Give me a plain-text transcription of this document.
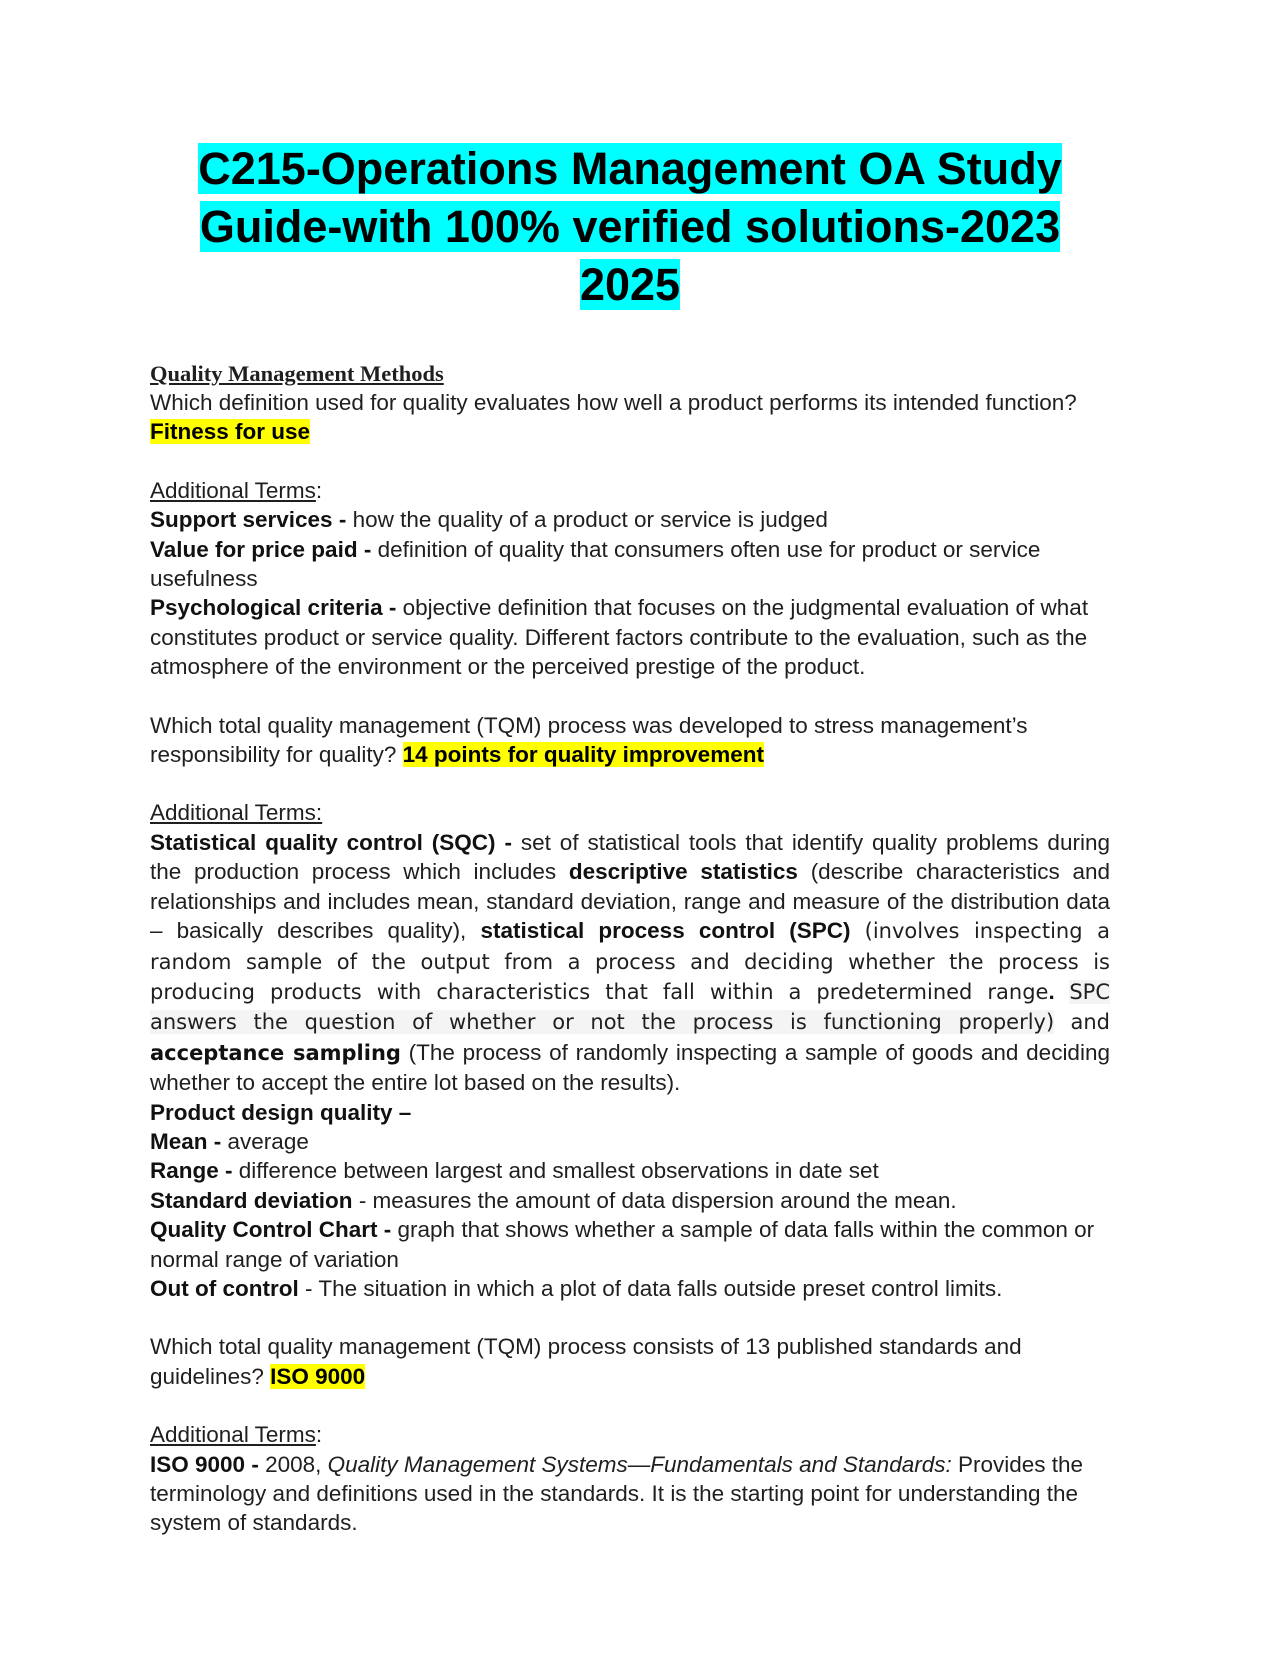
C215-Operations Management OA Study
Guide-with 100% verified solutions-2023
2025

Quality Management Methods

Which definition used for quality evaluates how well a product performs its intended function? Fitness for use

Additional Terms:

Support services - how the quality of a product or service is judged

Value for price paid - definition of quality that consumers often use for product or service usefulness

Psychological criteria - objective definition that focuses on the judgmental evaluation of what constitutes product or service quality. Different factors contribute to the evaluation, such as the atmosphere of the environment or the perceived prestige of the product.

Which total quality management (TQM) process was developed to stress management’s responsibility for quality? 14 points for quality improvement

Additional Terms:

Statistical quality control (SQC) - set of statistical tools that identify quality problems during the production process which includes descriptive statistics (describe characteristics and relationships and includes mean, standard deviation, range and measure of the distribution data – basically describes quality), statistical process control (SPC) (involves inspecting a random sample of the output from a process and deciding whether the process is producing products with characteristics that fall within a predetermined range. SPC answers the question of whether or not the process is functioning properly) and acceptance sampling (The process of randomly inspecting a sample of goods and deciding whether to accept the entire lot based on the results).

Product design quality –

Mean - average

Range - difference between largest and smallest observations in date set

Standard deviation - measures the amount of data dispersion around the mean.

Quality Control Chart - graph that shows whether a sample of data falls within the common or normal range of variation

Out of control - The situation in which a plot of data falls outside preset control limits.

Which total quality management (TQM) process consists of 13 published standards and guidelines? ISO 9000

Additional Terms:

ISO 9000 - 2008, Quality Management Systems—Fundamentals and Standards: Provides the terminology and definitions used in the standards. It is the starting point for understanding the system of standards.
